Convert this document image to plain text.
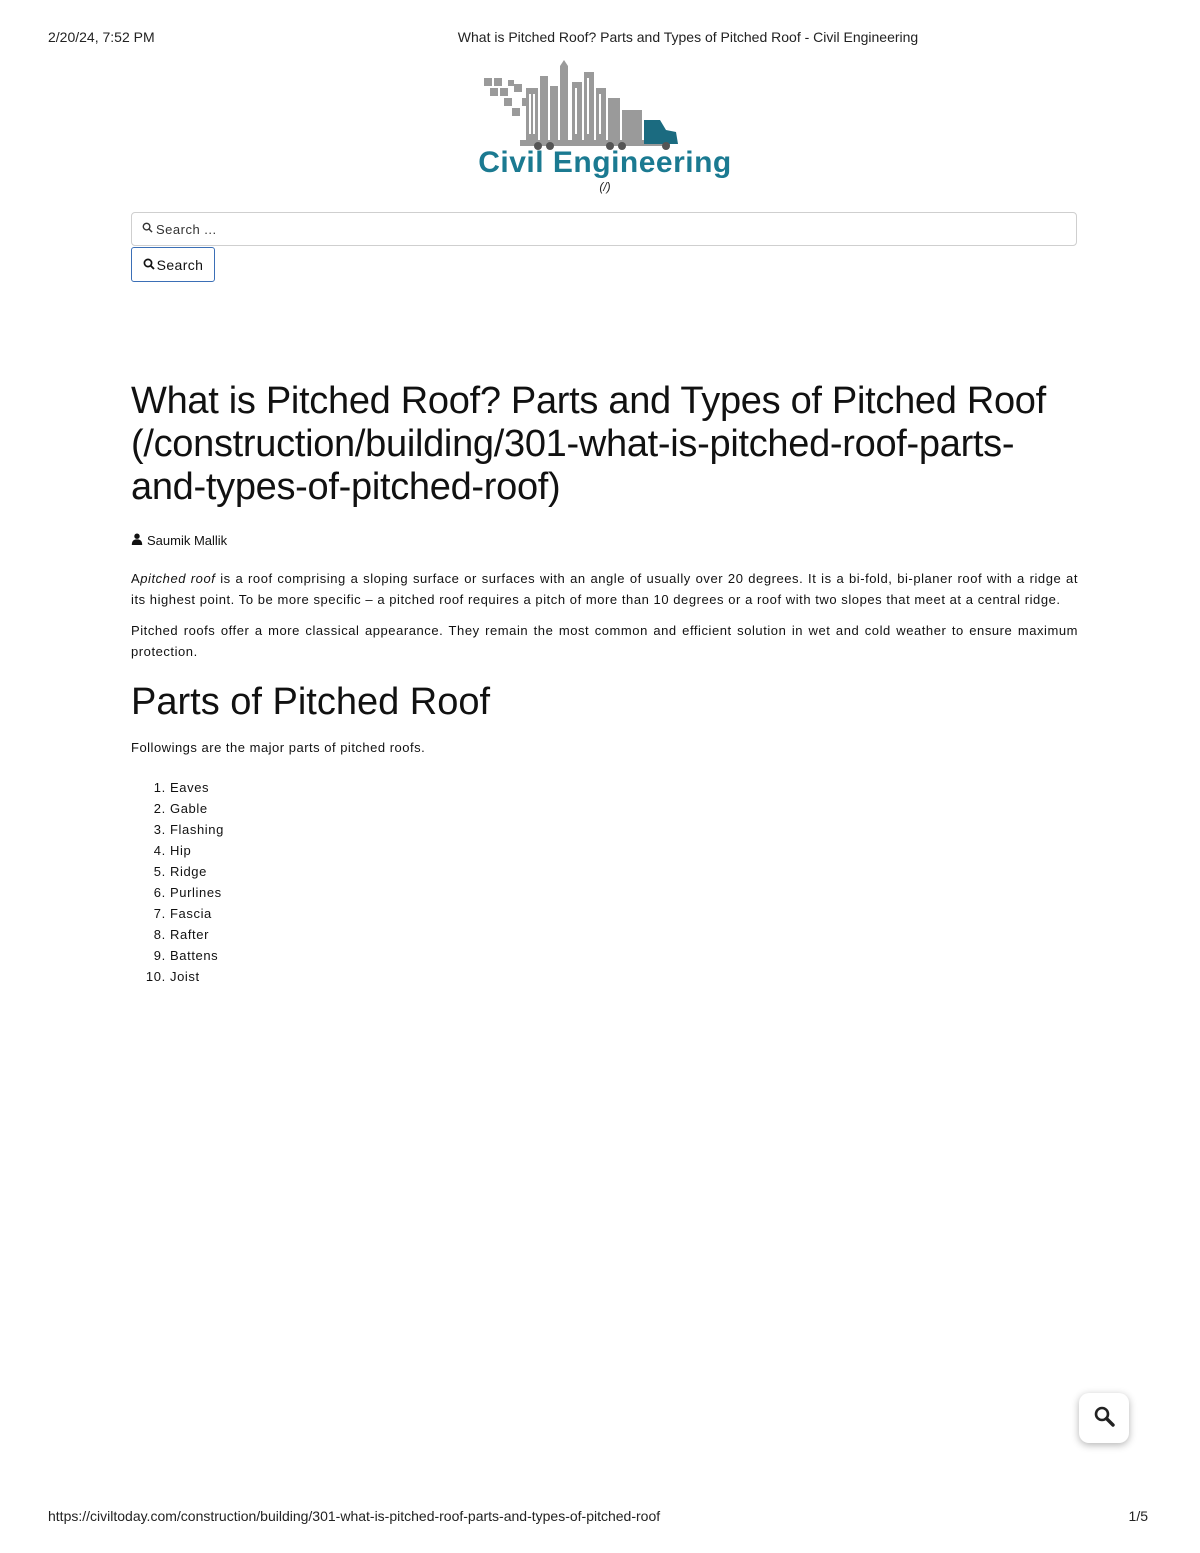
2/20/24, 7:52 PM	What is Pitched Roof? Parts and Types of Pitched Roof - Civil Engineering
Civil Engineering
(/)
Search ...
Search
What is Pitched Roof? Parts and Types of Pitched Roof (/construction/building/301-what-is-pitched-roof-parts-and-types-of-pitched-roof)
Saumik Mallik

Apitched roof is a roof comprising a sloping surface or surfaces with an angle of usually over 20 degrees. It is a bi-fold, bi-planer roof with a ridge at its highest point. To be more specific – a pitched roof requires a pitch of more than 10 degrees or a roof with two slopes that meet at a central ridge.

Pitched roofs offer a more classical appearance. They remain the most common and efficient solution in wet and cold weather to ensure maximum protection.

Parts of Pitched Roof
Followings are the major parts of pitched roofs.
1. Eaves
2. Gable
3. Flashing
4. Hip
5. Ridge
6. Purlines
7. Fascia
8. Rafter
9. Battens
10. Joist
https://civiltoday.com/construction/building/301-what-is-pitched-roof-parts-and-types-of-pitched-roof	1/5
